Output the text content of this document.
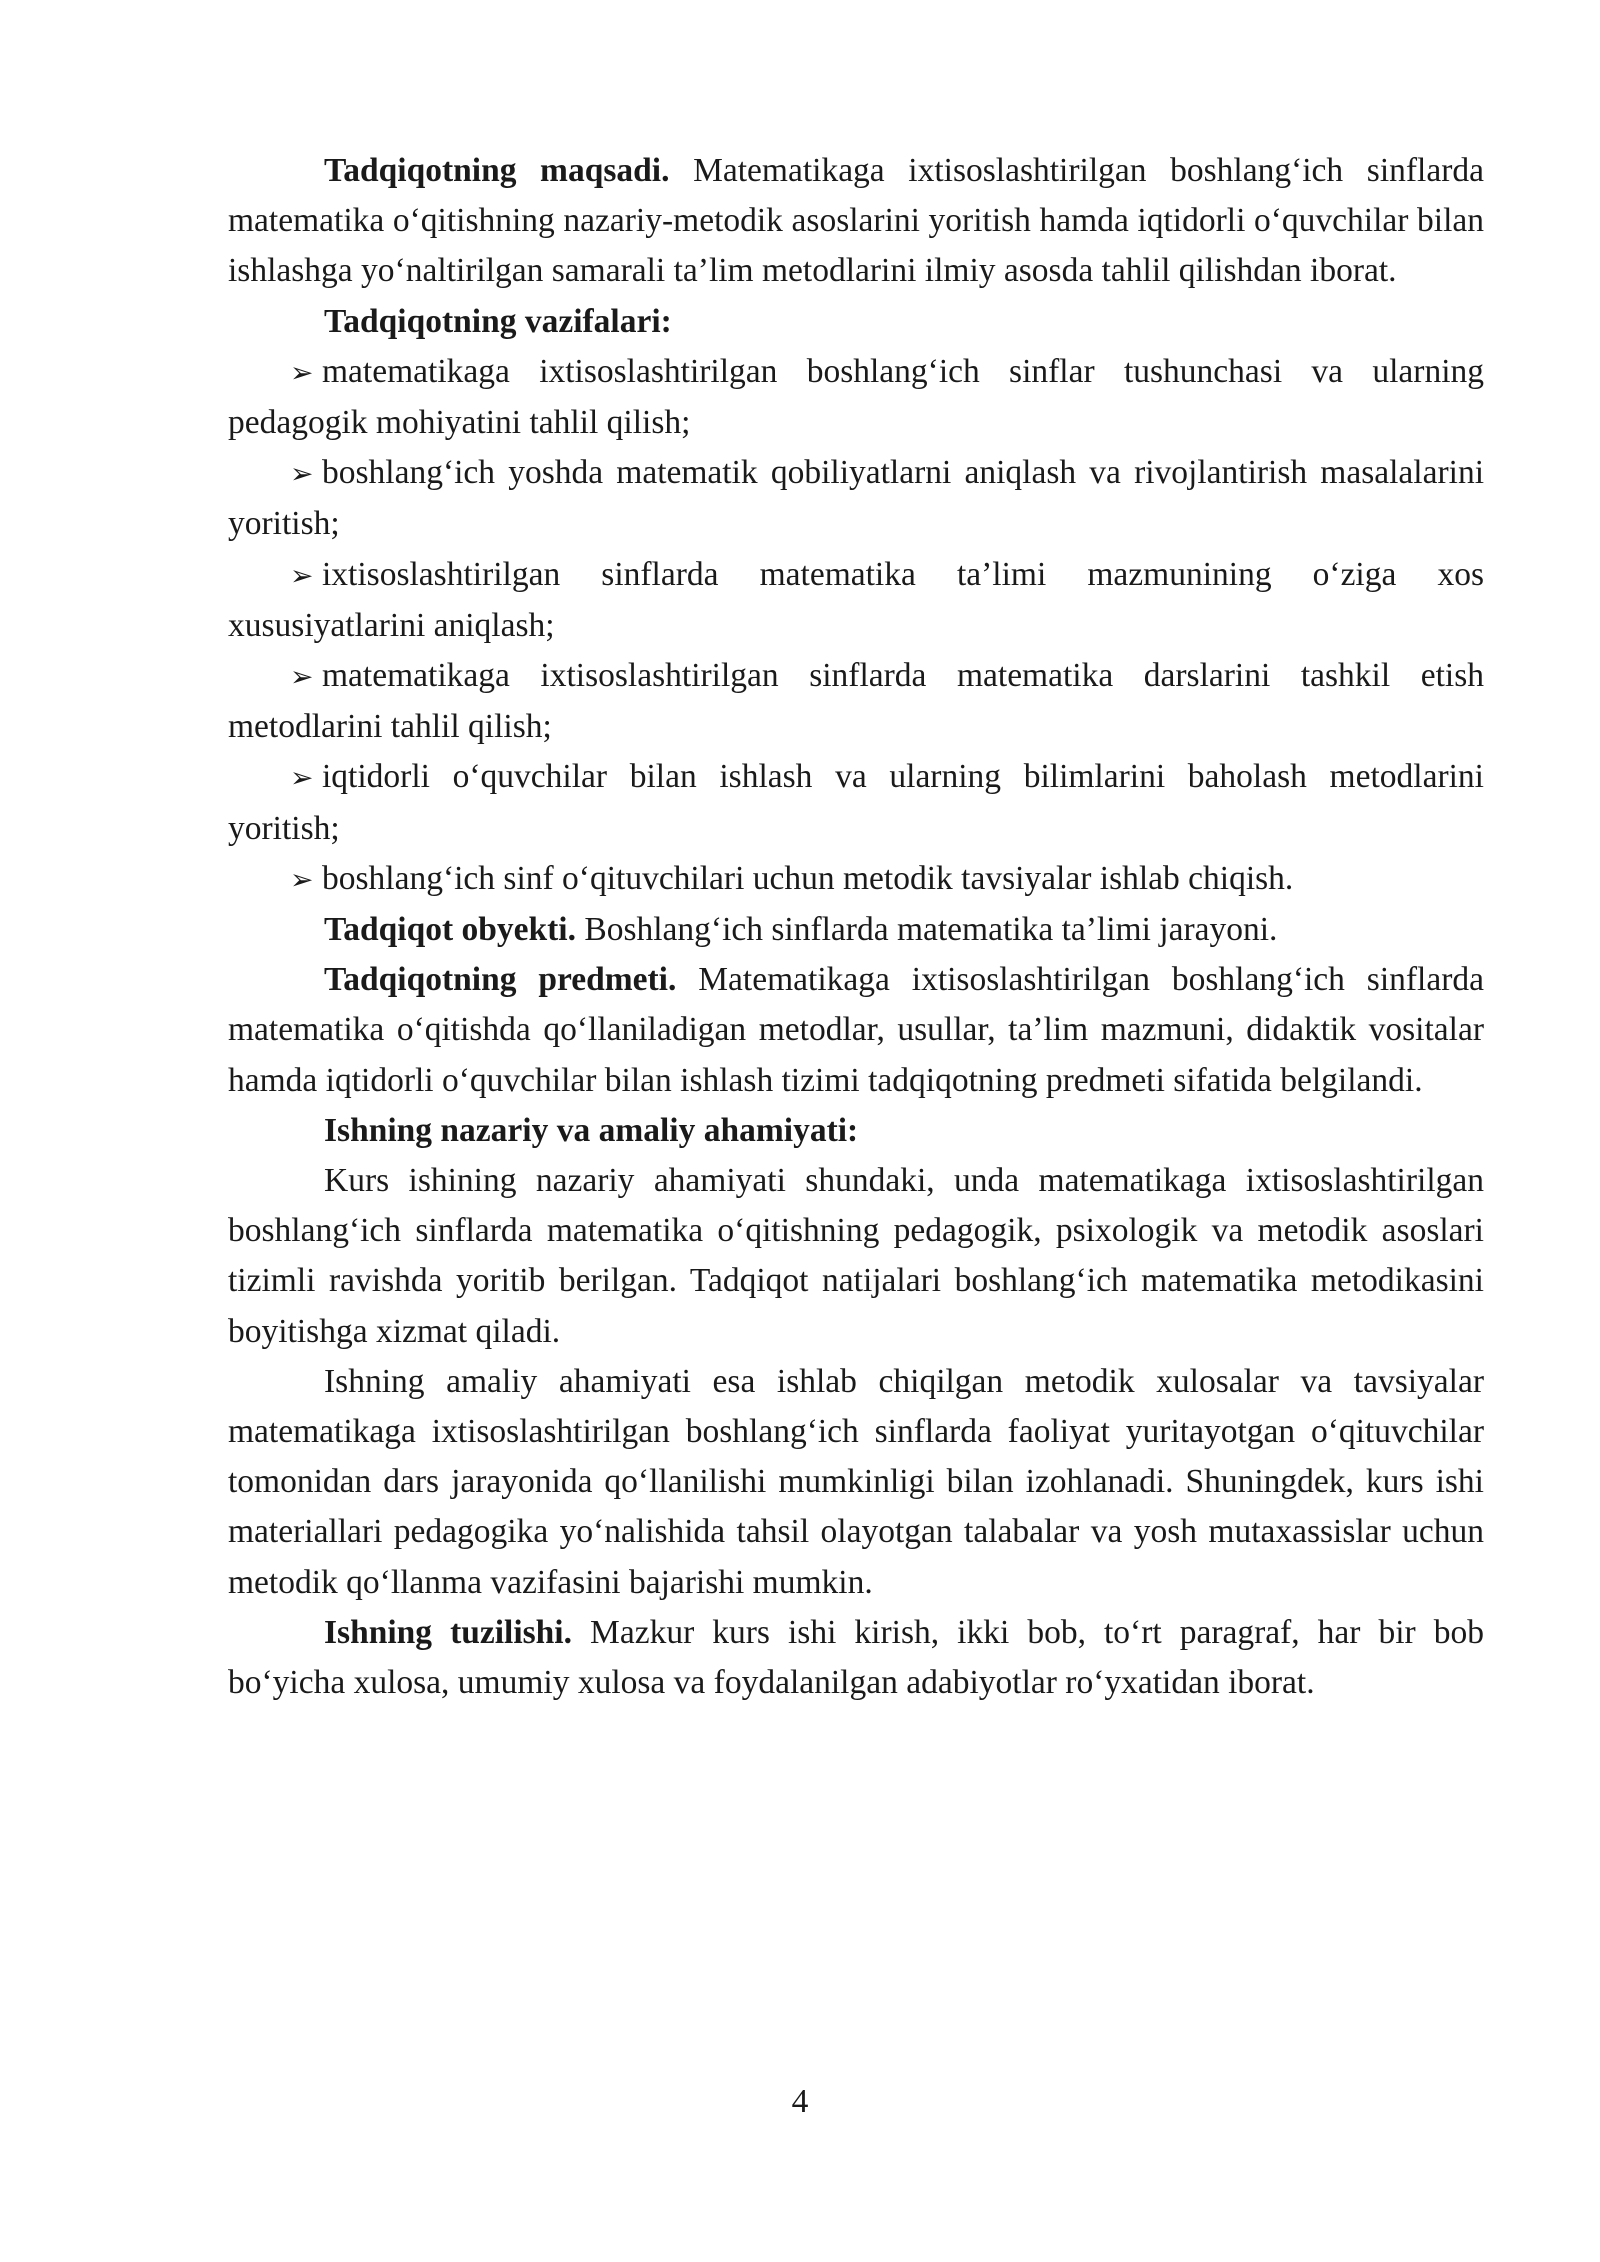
Tadqiqotning maqsadi. Matematikaga ixtisoslashtirilgan boshlang‘ich sinflarda matematika o‘qitishning nazariy-metodik asoslarini yoritish hamda iqtidorli o‘quvchilar bilan ishlashga yo‘naltirilgan samarali ta’lim metodlarini ilmiy asosda tahlil qilishdan iborat.

Tadqiqotning vazifalari:

➢ matematikaga ixtisoslashtirilgan boshlang‘ich sinflar tushunchasi va ularning pedagogik mohiyatini tahlil qilish;

➢ boshlang‘ich yoshda matematik qobiliyatlarni aniqlash va rivojlantirish masalalarini yoritish;

➢ ixtisoslashtirilgan sinflarda matematika ta’limi mazmunining o‘ziga xos xususiyatlarini aniqlash;

➢ matematikaga ixtisoslashtirilgan sinflarda matematika darslarini tashkil etish metodlarini tahlil qilish;

➢ iqtidorli o‘quvchilar bilan ishlash va ularning bilimlarini baholash metodlarini yoritish;

➢ boshlang‘ich sinf o‘qituvchilari uchun metodik tavsiyalar ishlab chiqish.

Tadqiqot obyekti. Boshlang‘ich sinflarda matematika ta’limi jarayoni.

Tadqiqotning predmeti. Matematikaga ixtisoslashtirilgan boshlang‘ich sinflarda matematika o‘qitishda qo‘llaniladigan metodlar, usullar, ta’lim mazmuni, didaktik vositalar hamda iqtidorli o‘quvchilar bilan ishlash tizimi tadqiqotning predmeti sifatida belgilandi.

Ishning nazariy va amaliy ahamiyati:

Kurs ishining nazariy ahamiyati shundaki, unda matematikaga ixtisoslashtirilgan boshlang‘ich sinflarda matematika o‘qitishning pedagogik, psixologik va metodik asoslari tizimli ravishda yoritib berilgan. Tadqiqot natijalari boshlang‘ich matematika metodikasini boyitishga xizmat qiladi.

Ishning amaliy ahamiyati esa ishlab chiqilgan metodik xulosalar va tavsiyalar matematikaga ixtisoslashtirilgan boshlang‘ich sinflarda faoliyat yuritayotgan o‘qituvchilar tomonidan dars jarayonida qo‘llanilishi mumkinligi bilan izohlanadi. Shuningdek, kurs ishi materiallari pedagogika yo‘nalishida tahsil olayotgan talabalar va yosh mutaxassislar uchun metodik qo‘llanma vazifasini bajarishi mumkin.

Ishning tuzilishi. Mazkur kurs ishi kirish, ikki bob, to‘rt paragraf, har bir bob bo‘yicha xulosa, umumiy xulosa va foydalanilgan adabiyotlar ro‘yxatidan iborat.

4
